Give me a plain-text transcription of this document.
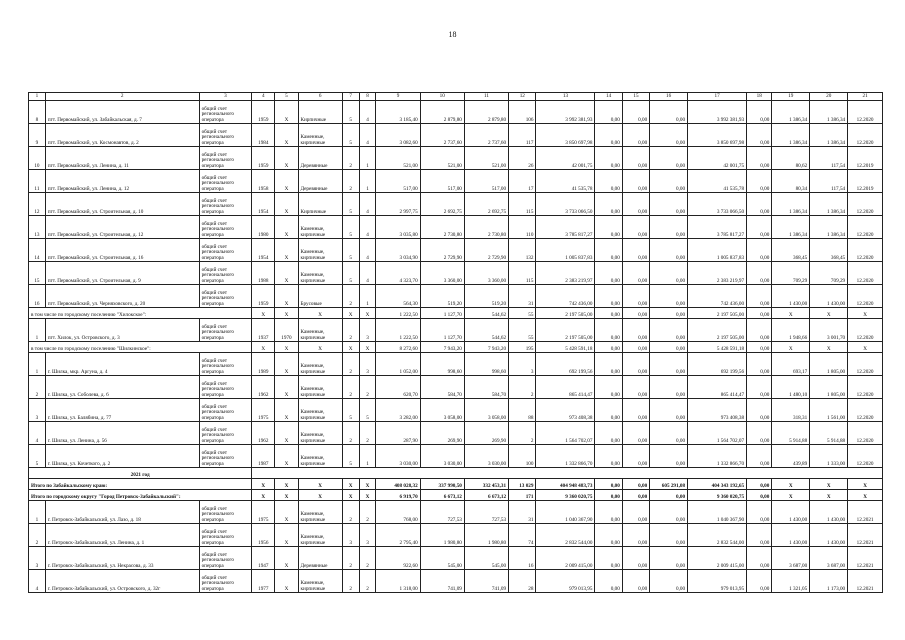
18
1	2	3	4	5	6	7	8	9	10	11	12	13	14	15	16	17	18	19	20	21
8	пгт. Первомайский, ул. Забайкальская, д. 7	общий счет регионального оператора	1959	Х	Кирпичные	5	4	3 185,40	2 879,80	2 879,80	106	3 992 381,93	0,00	0,00	0,00	3 992 381,93	0,00	1 386,34	1 386,34	12.2020
9	пгт. Первомайский, ул. Космонавтов, д. 2	общий счет регионального оператора	1984	Х	Каменные, кирпичные	5	4	3 082,60	2 737,60	2 737,60	117	3 850 697,98	0,00	0,00	0,00	3 850 697,98	0,00	1 386,34	1 386,34	12.2020
10	пгт. Первомайский, ул. Ленина, д. 11	общий счет регионального оператора	1959	Х	Деревянные	2	1	521,00	521,00	521,00	26	42 001,75	0,00	0,00	0,00	42 001,75	0,00	80,62	117,54	12.2019
11	пгт. Первомайский, ул. Ленина, д. 12	общий счет регионального оператора	1958	Х	Деревянные	2	1	517,00	517,00	517,00	17	41 535,78	0,00	0,00	0,00	41 535,78	0,00	80,34	117,54	12.2019
12	пгт. Первомайский, ул. Строительная, д. 10	общий счет регионального оператора	1954	Х	Кирпичные	5	4	2 997,75	2 692,75	2 692,75	115	3 733 066,50	0,00	0,00	0,00	3 733 066,50	0,00	1 386,34	1 386,34	12.2020
13	пгт. Первомайский, ул. Строительная, д. 12	общий счет регионального оператора	1980	Х	Каменные, кирпичные	5	4	3 035,80	2 730,80	2 730,80	110	3 785 817,27	0,00	0,00	0,00	3 785 817,27	0,00	1 386,34	1 386,34	12.2020
14	пгт. Первомайский, ул. Строительная, д. 16	общий счет регионального оператора	1954	Х	Каменные, кирпичные	5	4	3 034,90	2 729,90	2 729,90	132	1 005 837,83	0,00	0,00	0,00	1 005 837,83	0,00	368,45	368,45	12.2020
15	пгт. Первомайский, ул. Строительная, д. 9	общий счет регионального оператора	1988	Х	Каменные, кирпичные	5	4	4 323,70	3 360,00	3 360,00	115	2 383 219,97	0,00	0,00	0,00	2 383 219,97	0,00	709,29	709,29	12.2020
16	пгт. Первомайский, ул. Черняховского, д. 20	общий счет регионального оператора	1959	Х	Брусовые	2	1	564,30	519,20	519,20	31	742 436,00	0,00	0,00	0,00	742 436,00	0,00	1 430,00	1 430,00	12.2020
в том числе по городскому поселению "Хилокское":			Х	Х	Х	Х	Х	1 222,50	1 127,70	544,62	55	2 197 505,00	0,00	0,00	0,00	2 197 505,00	0,00	Х	Х	Х
1	пгт. Хилок, ул. Островского, д. 3	общий счет регионального оператора	1937	1970	Каменные, кирпичные	2	3	1 222,50	1 127,70	544,62	55	2 197 505,00	0,00	0,00	0,00	2 197 505,00	0,00	1 948,66	3 001,70	12.2020
в том числе по городскому поселению "Шилкинское":			Х	Х	Х	Х	Х	8 272,60	7 943,20	7 943,20	195	5 428 591,18	0,00	0,00	0,00	5 428 591,18	0,00	Х	Х	Х
1	г. Шилка, мкр. Аргуна, д. 4	общий счет регионального оператора	1989	Х	Каменные, кирпичные	2	3	1 052,00	998,60	998,60	3	692 199,56	0,00	0,00	0,00	692 199,56	0,00	693,17	1 805,00	12.2020
2	г. Шилка, ул. Соболева, д. 6	общий счет регионального оператора	1962	Х	Каменные, кирпичные	2	2	620,70	584,70	584,70	2	865 414,47	0,00	0,00	0,00	865 414,47	0,00	1 480,10	1 805,00	12.2020
3	г. Шилка, ул. Балябина, д. 77	общий счет регионального оператора	1975	Х	Каменные, кирпичные	5	5	3 282,00	3 058,00	3 058,00	88	973 408,38	0,00	0,00	0,00	973 408,38	0,00	318,31	1 561,00	12.2020
4	г. Шилка, ул. Ленина, д. 56	общий счет регионального оператора	1962	Х	Каменные, кирпичные	2	2	287,90	269,90	269,90	2	1 564 702,07	0,00	0,00	0,00	1 564 702,07	0,00	5 914,88	5 914,88	12.2020
5	г. Шилка, ул. Кочеткого, д. 2	общий счет регионального оператора	1987	Х	Каменные, кирпичные	5	1	3 030,00	3 030,00	3 030,00	100	1 332 866,70	0,00	0,00	0,00	1 332 866,70	0,00	439,89	1 333,00	12.2020
2021 год																				
Итого по Забайкальскому краю:			Х	Х	Х	Х	Х	408 028,32	337 990,50	332 453,31	13 029	404 948 483,73	0,00	0,00	605 291,08	404 343 192,65	0,00	Х	Х	Х
Итого по городскому округу "Город Петровск-Забайкальский":			Х	Х	Х	Х	Х	6 919,70	6 673,12	6 673,12	171	9 360 020,75	0,00	0,00	0,00	9 360 020,75	0,00	Х	Х	Х
1	г. Петровск-Забайкальский, ул. Лазо, д. 18	общий счет регионального оператора	1975	Х	Каменные, кирпичные	2	2	768,00	727,53	727,53	31	1 040 367,90	0,00	0,00	0,00	1 040 367,90	0,00	1 430,00	1 430,00	12.2021
2	г. Петровск-Забайкальский, ул. Ленина, д. 1	общий счет регионального оператора	1956	Х	Каменные, кирпичные	3	3	2 795,40	1 980,80	1 980,80	74	2 832 544,00	0,00	0,00	0,00	2 832 544,00	0,00	1 430,00	1 430,00	12.2021
3	г. Петровск-Забайкальский, ул. Некрасова, д. 33	общий счет регионального оператора	1947	Х	Деревянные	2	2	922,60	545,00	545,00	16	2 009 415,00	0,00	0,00	0,00	2 009 415,00	0,00	3 687,00	3 687,00	12.2021
4	г. Петровск-Забайкальский, ул. Островского, д. 32г	общий счет регионального оператора	1977	Х	Каменные, кирпичные	2	2	1 318,00	741,09	741,09	28	979 013,95	0,00	0,00	0,00	979 013,95	0,00	1 321,05	1 173,00	12.2021
